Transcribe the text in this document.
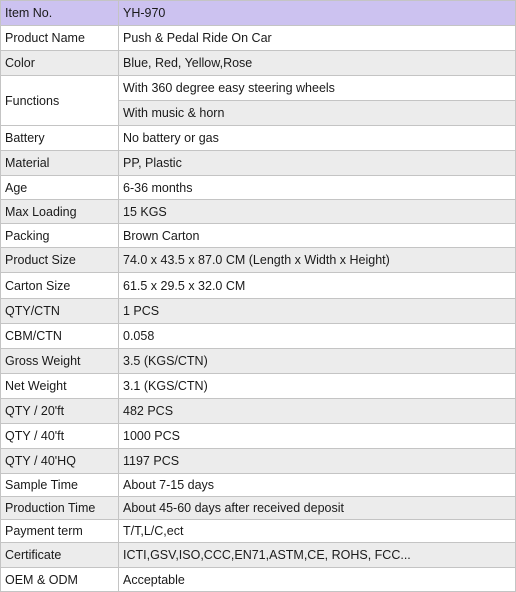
Item No.	YH-970
Product Name	Push & Pedal Ride On Car
Color	Blue, Red, Yellow,Rose
Functions	With 360 degree easy steering wheels
	With music & horn
Battery	No battery or gas
Material	PP, Plastic
Age	6-36 months
Max Loading	15 KGS
Packing	Brown Carton
Product Size	74.0 x 43.5 x 87.0 CM (Length x Width x Height)
Carton Size	61.5 x 29.5 x 32.0 CM
QTY/CTN	1 PCS
CBM/CTN	0.058
Gross Weight	3.5 (KGS/CTN)
Net Weight	3.1 (KGS/CTN)
QTY / 20'ft	482 PCS
QTY / 40'ft	1000 PCS
QTY / 40'HQ	1197 PCS
Sample Time	About 7-15 days
Production Time	About 45-60 days after received deposit
Payment term	T/T,L/C,ect
Certificate	ICTI,GSV,ISO,CCC,EN71,ASTM,CE, ROHS, FCC...
OEM & ODM	Acceptable
